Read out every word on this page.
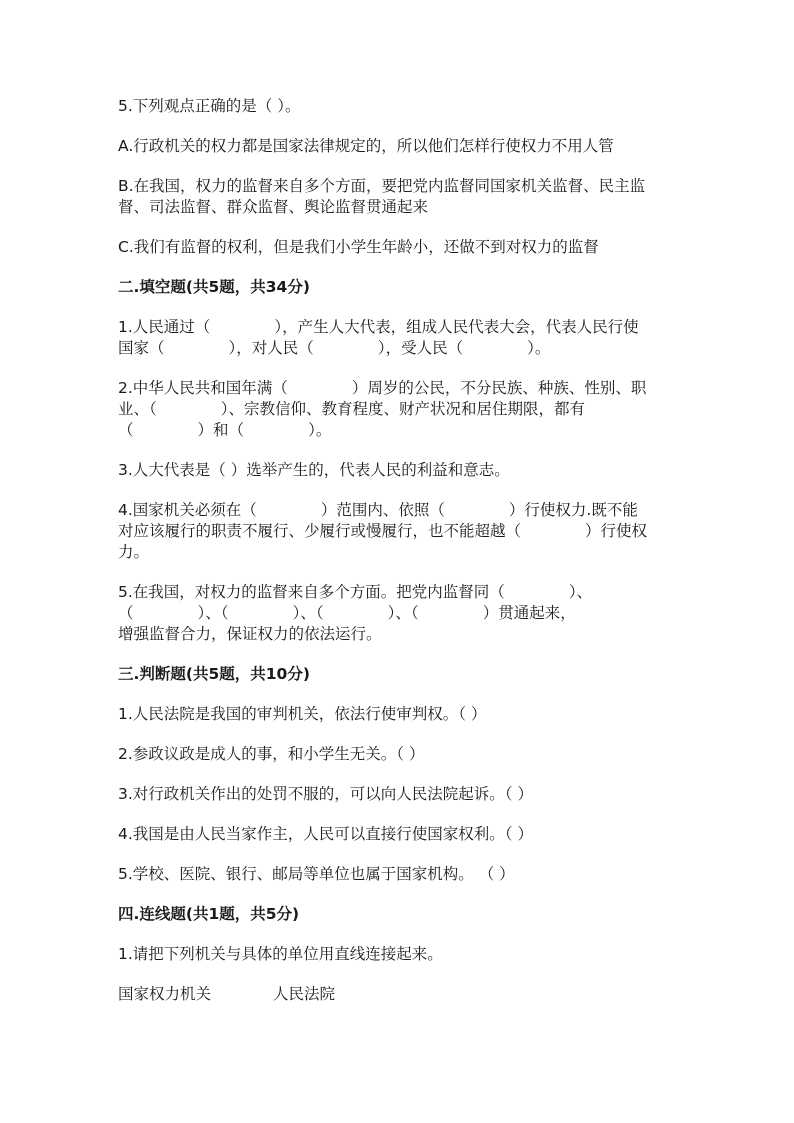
5.下列观点正确的是（ ）。

A.行政机关的权力都是国家法律规定的，所以他们怎样行使权力不用人管

B.在我国，权力的监督来自多个方面，要把党内监督同国家机关监督、民主监
督、司法监督、群众监督、舆论监督贯通起来

C.我们有监督的权利，但是我们小学生年龄小，还做不到对权力的监督

二.填空题(共5题，共34分)

1.人民通过（             ），产生人大代表，组成人民代表大会，代表人民行使
国家（             ），对人民（             ），受人民（             ）。

2.中华人民共和国年满（             ）周岁的公民，不分民族、种族、性别、职
业、（             ）、宗教信仰、教育程度、财产状况和居住期限，都有
（             ）和（             ）。

3.人大代表是（ ）选举产生的，代表人民的利益和意志。

4.国家机关必须在（             ）范围内、依照（             ）行使权力.既不能
对应该履行的职责不履行、少履行或慢履行，也不能超越（             ）行使权
力。

5.在我国，对权力的监督来自多个方面。把党内监督同（             ）、
（             ）、（             ）、（             ）、（             ）贯通起来，
增强监督合力，保证权力的依法运行。

三.判断题(共5题，共10分)

1.人民法院是我国的审判机关，依法行使审判权。（ ）

2.参政议政是成人的事，和小学生无关。（ ）

3.对行政机关作出的处罚不服的，可以向人民法院起诉。（ ）

4.我国是由人民当家作主，人民可以直接行使国家权利。（ ）

5.学校、医院、银行、邮局等单位也属于国家机构。 （ ）

四.连线题(共1题，共5分)

1.请把下列机关与具体的单位用直线连接起来。

国家权力机关	人民法院
